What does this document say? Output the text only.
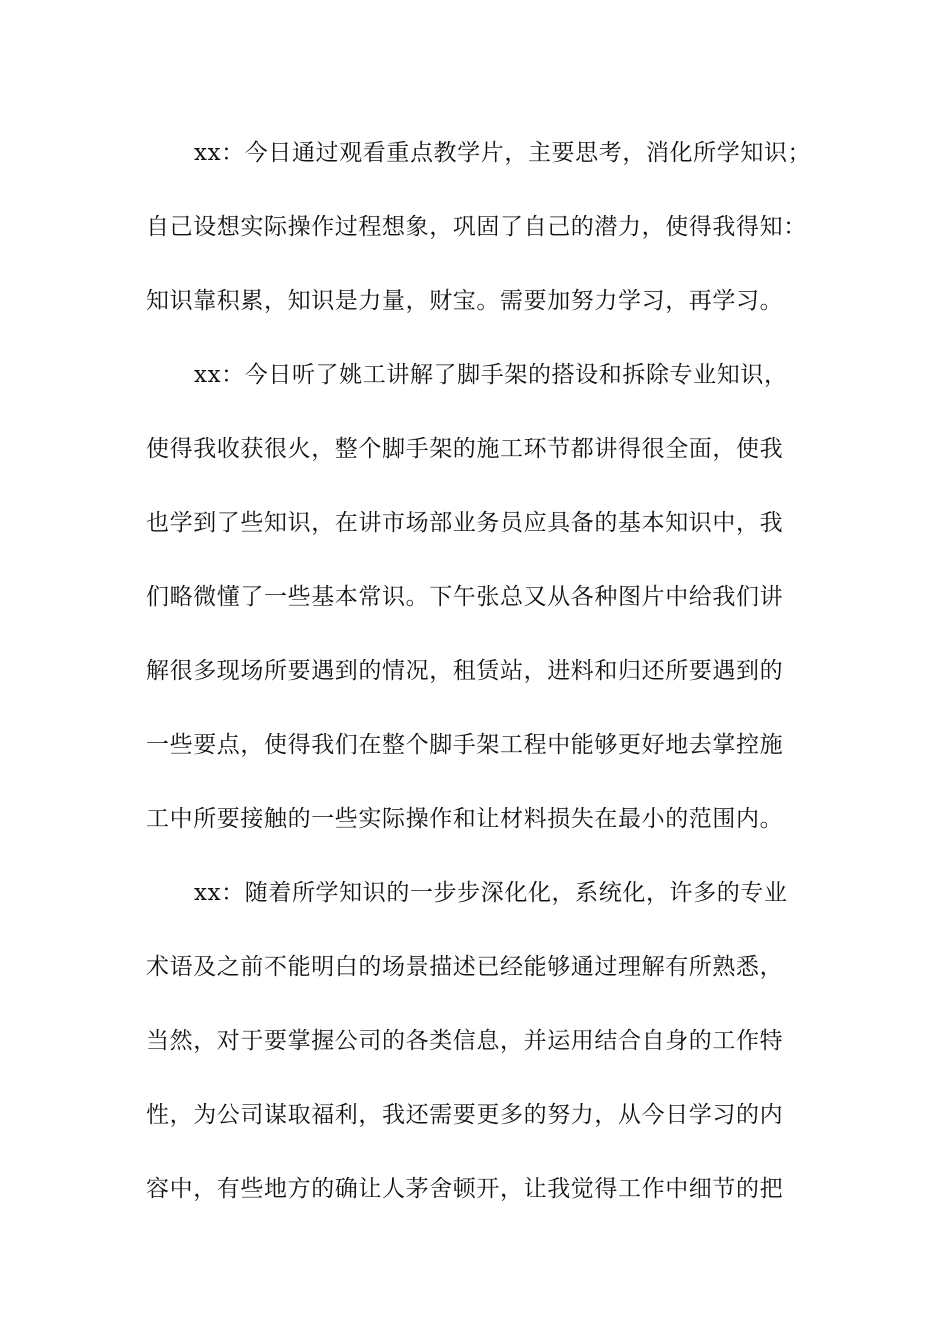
xx：今日通过观看重点教学片，主要思考，消化所学知识；
自己设想实际操作过程想象，巩固了自己的潜力，使得我得知：
知识靠积累，知识是力量，财宝。需要加努力学习，再学习。
xx：今日听了姚工讲解了脚手架的搭设和拆除专业知识，
使得我收获很火，整个脚手架的施工环节都讲得很全面，使我
也学到了些知识，在讲市场部业务员应具备的基本知识中，我
们略微懂了一些基本常识。下午张总又从各种图片中给我们讲
解很多现场所要遇到的情况，租赁站，进料和归还所要遇到的
一些要点，使得我们在整个脚手架工程中能够更好地去掌控施
工中所要接触的一些实际操作和让材料损失在最小的范围内。
xx：随着所学知识的一步步深化化，系统化，许多的专业
术语及之前不能明白的场景描述已经能够通过理解有所熟悉，
当然，对于要掌握公司的各类信息，并运用结合自身的工作特
性，为公司谋取福利，我还需要更多的努力，从今日学习的内
容中，有些地方的确让人茅舍顿开，让我觉得工作中细节的把
